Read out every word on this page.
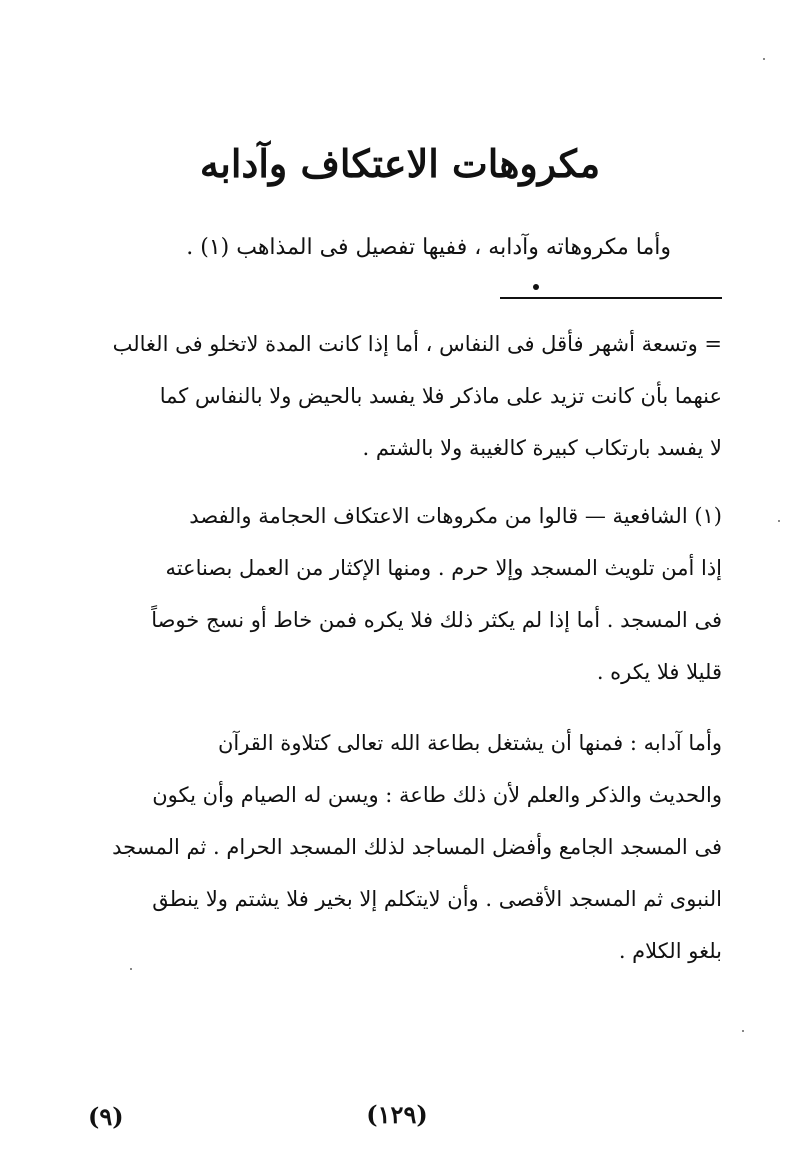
مكروهات الاعتكاف وآدابه
وأما مكروهاته وآدابه ، ففيها تفصيل فى المذاهب (١) .
= وتسعة أشهر فأقل فى النفاس ، أما إذا كانت المدة لاتخلو فى الغالب
عنهما بأن كانت تزيد على ماذكر فلا يفسد بالحيض ولا بالنفاس كما
لا يفسد بارتكاب كبيرة كالغيبة ولا بالشتم .
(١) الشافعية — قالوا من مكروهات الاعتكاف الحجامة والفصد
إذا أمن تلويث المسجد وإلا حرم . ومنها الإكثار من العمل بصناعته
فى المسجد . أما إذا لم يكثر ذلك فلا يكره فمن خاط أو نسج خوصاً
قليلا فلا يكره .
وأما آدابه : فمنها أن يشتغل بطاعة الله تعالى كتلاوة القرآن
والحديث والذكر والعلم لأن ذلك طاعة : ويسن له الصيام وأن يكون
فى المسجد الجامع وأفضل المساجد لذلك المسجد الحرام . ثم المسجد
النبوى ثم المسجد الأقصى . وأن لايتكلم إلا بخير فلا يشتم ولا ينطق
بلغو الكلام .
(٩)	(١٢٩)
